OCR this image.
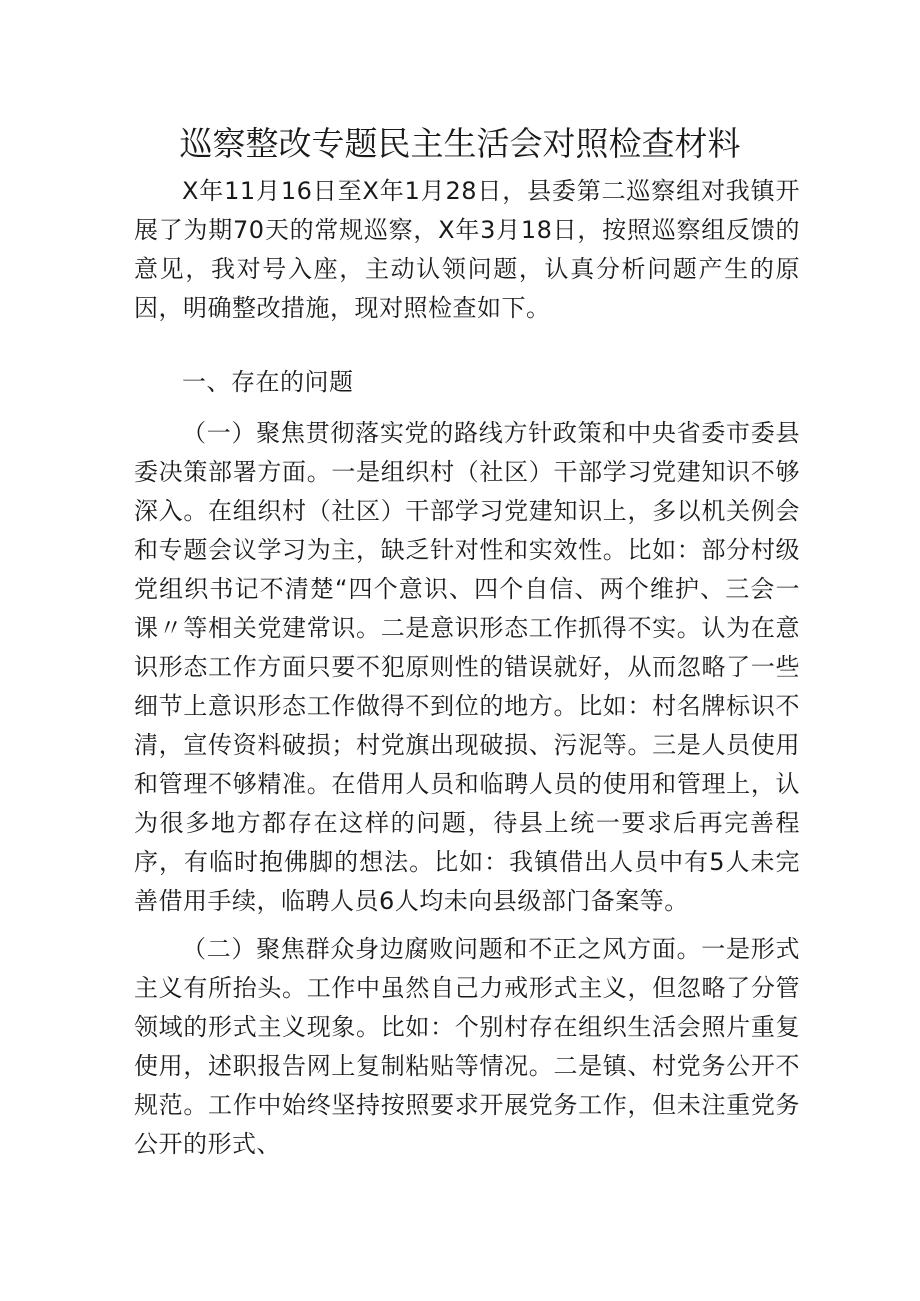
巡察整改专题民主生活会对照检查材料

X年11月16日至X年1月28日，县委第二巡察组对我镇开展了为期70天的常规巡察，X年3月18日，按照巡察组反馈的意见，我对号入座，主动认领问题，认真分析问题产生的原因，明确整改措施，现对照检查如下。

一、存在的问题

（一）聚焦贯彻落实党的路线方针政策和中央省委市委县委决策部署方面。一是组织村（社区）干部学习党建知识不够深入。在组织村（社区）干部学习党建知识上，多以机关例会和专题会议学习为主，缺乏针对性和实效性。比如：部分村级党组织书记不清楚“四个意识、四个自信、两个维护、三会一课〃等相关党建常识。二是意识形态工作抓得不实。认为在意识形态工作方面只要不犯原则性的错误就好，从而忽略了一些细节上意识形态工作做得不到位的地方。比如：村名牌标识不清，宣传资料破损；村党旗出现破损、污泥等。三是人员使用和管理不够精准。在借用人员和临聘人员的使用和管理上，认为很多地方都存在这样的问题，待县上统一要求后再完善程序，有临时抱佛脚的想法。比如：我镇借出人员中有5人未完善借用手续，临聘人员6人均未向县级部门备案等。

（二）聚焦群众身边腐败问题和不正之风方面。一是形式主义有所抬头。工作中虽然自己力戒形式主义，但忽略了分管领域的形式主义现象。比如：个别村存在组织生活会照片重复使用，述职报告网上复制粘贴等情况。二是镇、村党务公开不规范。工作中始终坚持按照要求开展党务工作，但未注重党务公开的形式、
